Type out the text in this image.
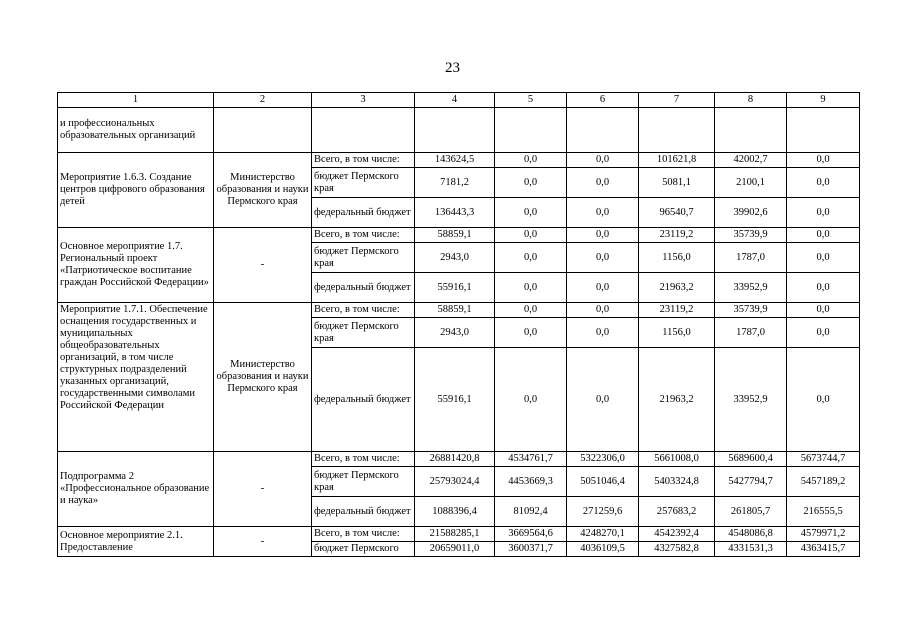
23
1	2	3	4	5	6	7	8	9
и профессиональных образовательных организаций								
Мероприятие 1.6.3. Создание центров цифрового образования детей	Министерство образования и науки Пермского края	Всего, в том числе:	143624,5	0,0	0,0	101621,8	42002,7	0,0
		бюджет Пермского края	7181,2	0,0	0,0	5081,1	2100,1	0,0
		федеральный бюджет	136443,3	0,0	0,0	96540,7	39902,6	0,0
Основное мероприятие 1.7. Региональный проект «Патриотическое воспитание граждан Российской Федерации»	-	Всего, в том числе:	58859,1	0,0	0,0	23119,2	35739,9	0,0
		бюджет Пермского края	2943,0	0,0	0,0	1156,0	1787,0	0,0
		федеральный бюджет	55916,1	0,0	0,0	21963,2	33952,9	0,0
Мероприятие 1.7.1. Обеспечение оснащения государственных и муниципальных общеобразовательных организаций, в том числе структурных подразделений указанных организаций, государственными символами Российской Федерации	Министерство образования и науки Пермского края	Всего, в том числе:	58859,1	0,0	0,0	23119,2	35739,9	0,0
		бюджет Пермского края	2943,0	0,0	0,0	1156,0	1787,0	0,0
		федеральный бюджет	55916,1	0,0	0,0	21963,2	33952,9	0,0
Подпрограмма 2 «Профессиональное образование и наука»	-	Всего, в том числе:	26881420,8	4534761,7	5322306,0	5661008,0	5689600,4	5673744,7
		бюджет Пермского края	25793024,4	4453669,3	5051046,4	5403324,8	5427794,7	5457189,2
		федеральный бюджет	1088396,4	81092,4	271259,6	257683,2	261805,7	216555,5
Основное мероприятие 2.1. Предоставление	-	Всего, в том числе:	21588285,1	3669564,6	4248270,1	4542392,4	4548086,8	4579971,2
		бюджет Пермского	20659011,0	3600371,7	4036109,5	4327582,8	4331531,3	4363415,7
